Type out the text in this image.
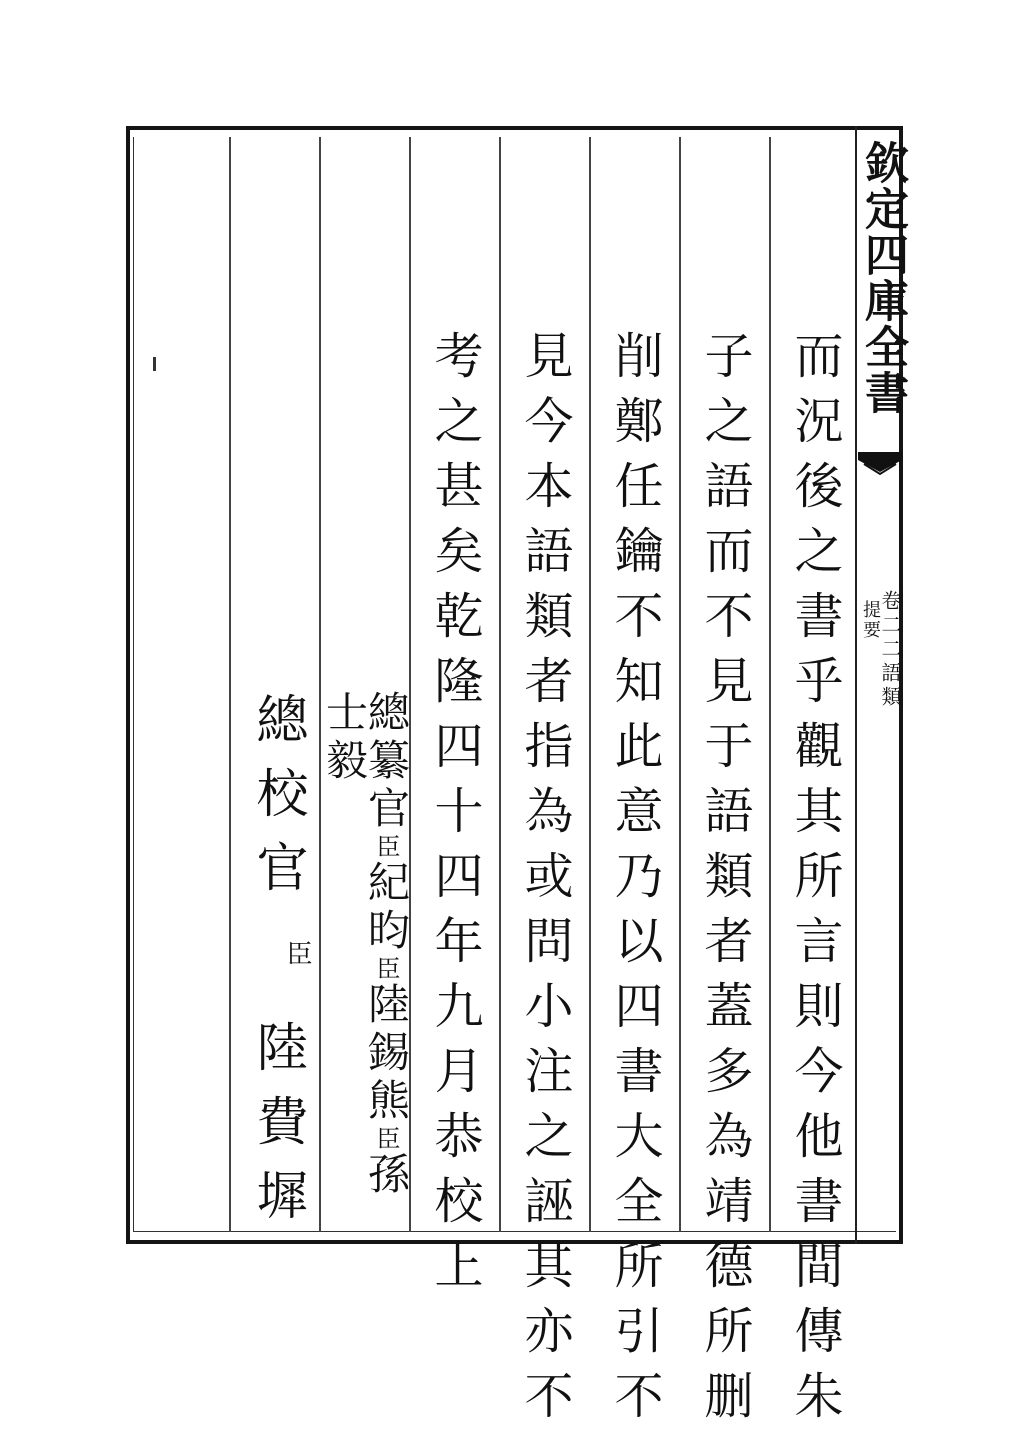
欽定四庫全書
卷二二語類
提要
而況後之書乎觀其所言則今他書間傳朱
子之語而不見于語類者蓋多為靖德所删
削鄭任鑰不知此意乃以四書大全所引不
見今本語類者指為或問小注之誣其亦不
考之甚矣乾隆四十四年九月恭校上
總纂官臣紀昀臣陸錫熊臣孫士毅
總校官
臣
陸費墀
